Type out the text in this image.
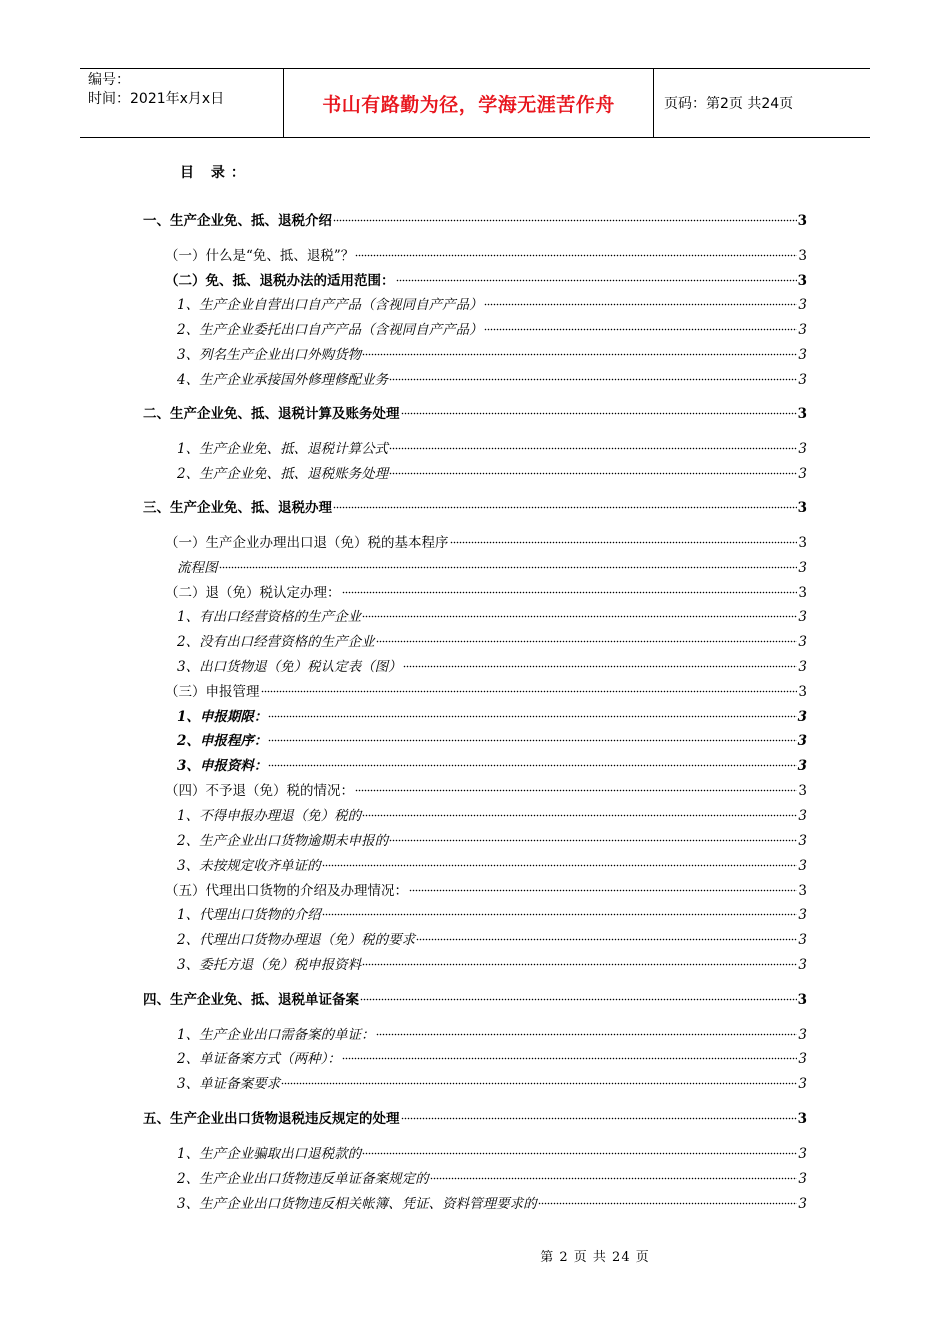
编号：
时间：2021年x月x日	书山有路勤为径，学海无涯苦作舟	页码：第2页 共24页
目 录：
一、生产企业免、抵、退税介绍	3
（一）什么是“免、抵、退税”？	3
（二）免、抵、退税办法的适用范围：	3
1、生产企业自营出口自产产品（含视同自产产品）	3
2、生产企业委托出口自产产品（含视同自产产品）	3
3、列名生产企业出口外购货物	3
4、生产企业承接国外修理修配业务	3
二、生产企业免、抵、退税计算及账务处理	3
1、生产企业免、抵、退税计算公式	3
2、生产企业免、抵、退税账务处理	3
三、生产企业免、抵、退税办理	3
（一）生产企业办理出口退（免）税的基本程序	3
流程图	3
（二）退（免）税认定办理：	3
1、有出口经营资格的生产企业	3
2、没有出口经营资格的生产企业	3
3、出口货物退（免）税认定表（图）	3
（三）申报管理	3
1、申报期限：	3
2、申报程序：	3
3、申报资料：	3
（四）不予退（免）税的情况：	3
1、不得申报办理退（免）税的	3
2、生产企业出口货物逾期未申报的	3
3、未按规定收齐单证的	3
（五）代理出口货物的介绍及办理情况：	3
1、代理出口货物的介绍	3
2、代理出口货物办理退（免）税的要求	3
3、委托方退（免）税申报资料	3
四、生产企业免、抵、退税单证备案	3
1、生产企业出口需备案的单证：	3
2、单证备案方式（两种）：	3
3、单证备案要求	3
五、生产企业出口货物退税违反规定的处理	3
1、生产企业骗取出口退税款的	3
2、生产企业出口货物违反单证备案规定的	3
3、生产企业出口货物违反相关帐簿、凭证、资料管理要求的	3
第 2 页 共 24 页
